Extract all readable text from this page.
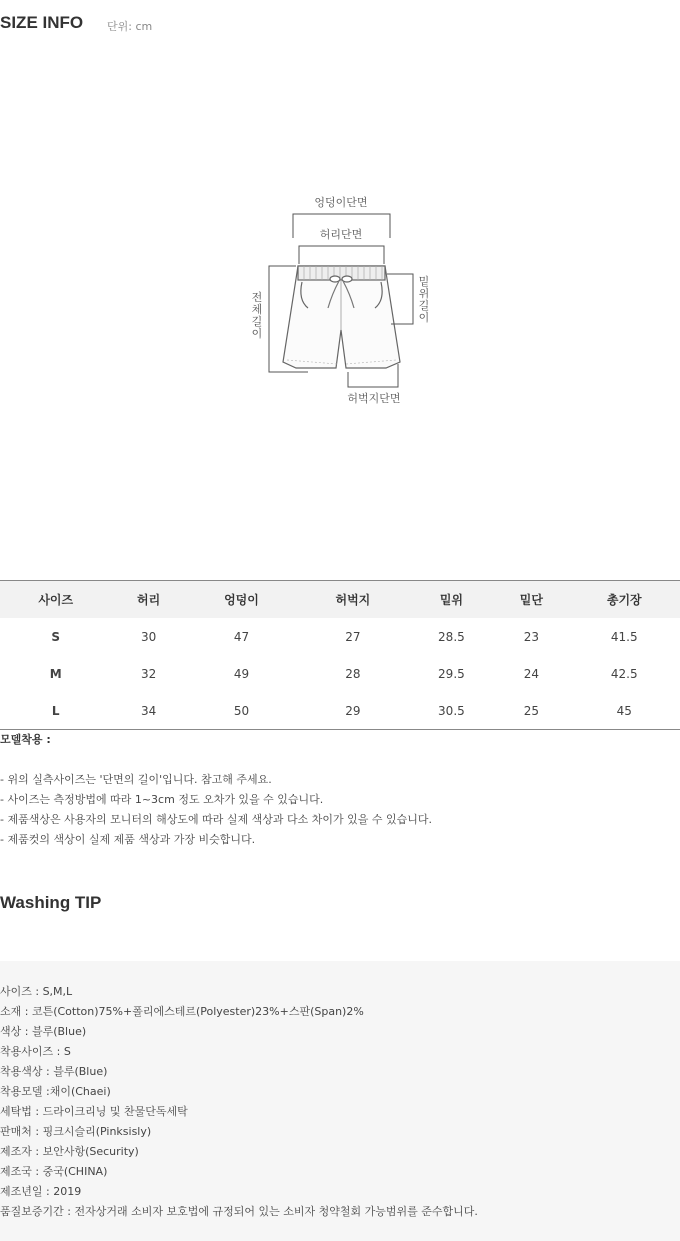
SIZE INFO 단위: cm
엉덩이단면
허리단면
허벅지단면
전체길이
밑위길이
사이즈	허리	엉덩이	허벅지	밑위	밑단	총기장
S	30	47	27	28.5	23	41.5
M	32	49	28	29.5	24	42.5
L	34	50	29	30.5	25	45
모델착용 :
- 위의 실측사이즈는 '단면의 길이'입니다. 참고해 주세요.
- 사이즈는 측정방법에 따라 1~3cm 정도 오차가 있을 수 있습니다.
- 제품색상은 사용자의 모니터의 해상도에 따라 실제 색상과 다소 차이가 있을 수 있습니다.
- 제품컷의 색상이 실제 제품 색상과 가장 비슷합니다.
Washing TIP
사이즈 : S,M,L
소재 : 코튼(Cotton)75%+폴리에스테르(Polyester)23%+스판(Span)2%
색상 : 블루(Blue)
착용사이즈 : S
착용색상 : 블루(Blue)
착용모델 :채이(Chaei)
세탁법 : 드라이크리닝 및 찬물단독세탁
판매처 : 핑크시슬리(Pinksisly)
제조자 : 보안사항(Security)
제조국 : 중국(CHINA)
제조년일 : 2019
품질보증기간 : 전자상거래 소비자 보호법에 규정되어 있는 소비자 청약철회 가능범위를 준수합니다.
